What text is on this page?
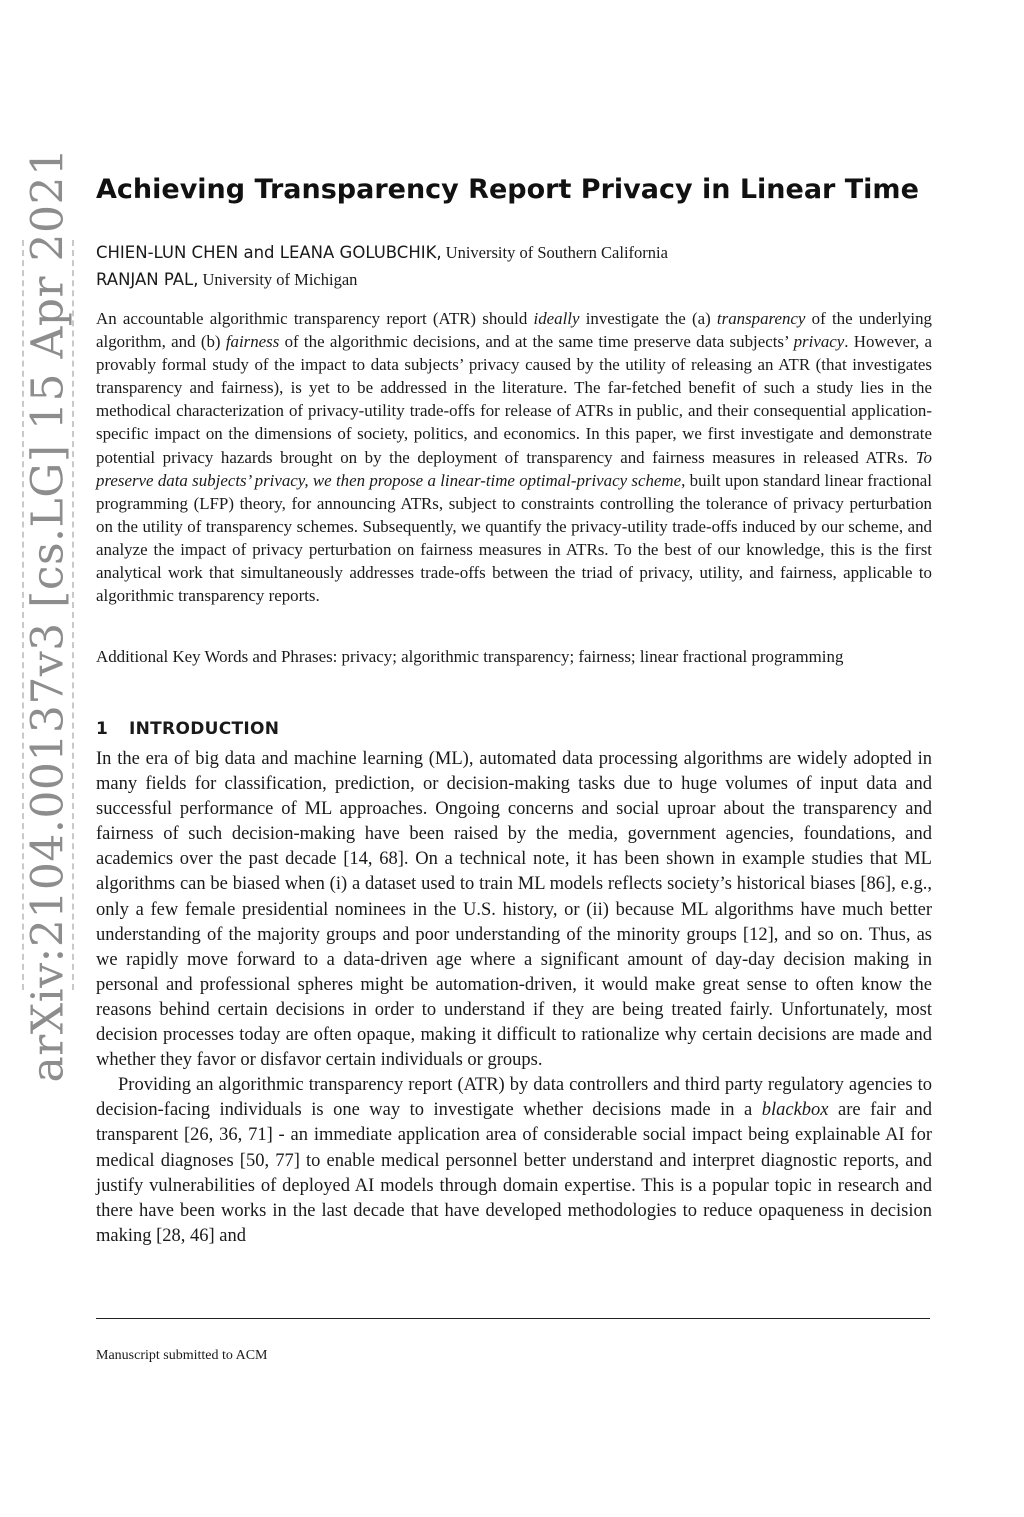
arXiv:2104.00137v3 [cs.LG] 15 Apr 2021 Achieving Transparency Report Privacy in Linear Time
CHIEN-LUN CHEN and LEANA GOLUBCHIK, University of Southern California
RANJAN PAL, University of Michigan

An accountable algorithmic transparency report (ATR) should ideally investigate the (a) transparency of the underlying algorithm, and (b) fairness of the algorithmic decisions, and at the same time preserve data subjects’ privacy. However, a provably formal study of the impact to data subjects’ privacy caused by the utility of releasing an ATR (that investigates transparency and fairness), is yet to be addressed in the literature. The far-fetched benefit of such a study lies in the methodical characterization of privacy-utility trade-offs for release of ATRs in public, and their consequential application-specific impact on the dimensions of society, politics, and economics. In this paper, we first investigate and demonstrate potential privacy hazards brought on by the deployment of transparency and fairness measures in released ATRs. To preserve data subjects’ privacy, we then propose a linear-time optimal-privacy scheme, built upon standard linear fractional programming (LFP) theory, for announcing ATRs, subject to constraints controlling the tolerance of privacy perturbation on the utility of transparency schemes. Subsequently, we quantify the privacy-utility trade-offs induced by our scheme, and analyze the impact of privacy perturbation on fairness measures in ATRs. To the best of our knowledge, this is the first analytical work that simultaneously addresses trade-offs between the triad of privacy, utility, and fairness, applicable to algorithmic transparency reports.

Additional Key Words and Phrases: privacy; algorithmic transparency; fairness; linear fractional programming

1 INTRODUCTION

In the era of big data and machine learning (ML), automated data processing algorithms are widely adopted in many fields for classification, prediction, or decision-making tasks due to huge volumes of input data and successful performance of ML approaches. Ongoing concerns and social uproar about the transparency and fairness of such decision-making have been raised by the media, government agencies, foundations, and academics over the past decade [14, 68]. On a technical note, it has been shown in example studies that ML algorithms can be biased when (i) a dataset used to train ML models reflects society’s historical biases [86], e.g., only a few female presidential nominees in the U.S. history, or (ii) because ML algorithms have much better understanding of the majority groups and poor understanding of the minority groups [12], and so on. Thus, as we rapidly move forward to a data-driven age where a significant amount of day-day decision making in personal and professional spheres might be automation-driven, it would make great sense to often know the reasons behind certain decisions in order to understand if they are being treated fairly. Unfortunately, most decision processes today are often opaque, making it difficult to rationalize why certain decisions are made and whether they favor or disfavor certain individuals or groups.

Providing an algorithmic transparency report (ATR) by data controllers and third party regulatory agencies to decision-facing individuals is one way to investigate whether decisions made in a blackbox are fair and transparent [26, 36, 71] - an immediate application area of considerable social impact being explainable AI for medical diagnoses [50, 77] to enable medical personnel better understand and interpret diagnostic reports, and justify vulnerabilities of deployed AI models through domain expertise. This is a popular topic in research and there have been works in the last decade that have developed methodologies to reduce opaqueness in decision making [28, 46] and

Manuscript submitted to ACM
